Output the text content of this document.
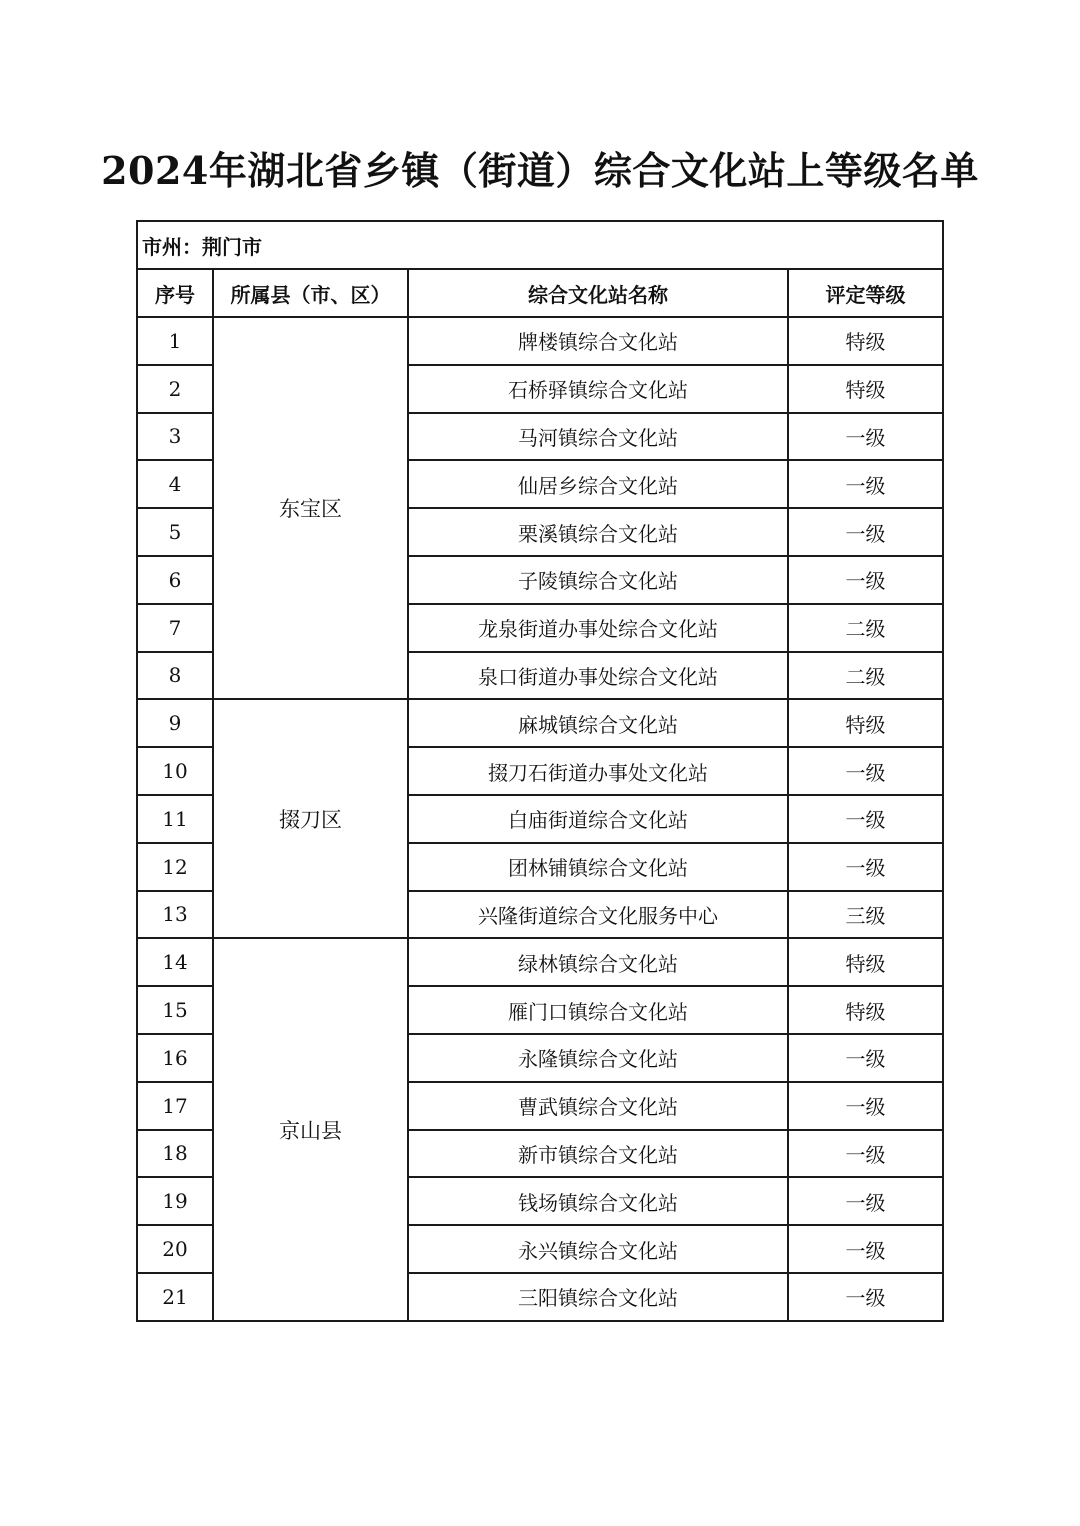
2024年湖北省乡镇（街道）综合文化站上等级名单
市州：荆门市			
序号	所属县（市、区）	综合文化站名称	评定等级
1	东宝区	牌楼镇综合文化站	特级
2		石桥驿镇综合文化站	特级
3		马河镇综合文化站	一级
4		仙居乡综合文化站	一级
5		栗溪镇综合文化站	一级
6		子陵镇综合文化站	一级
7		龙泉街道办事处综合文化站	二级
8		泉口街道办事处综合文化站	二级
9	掇刀区	麻城镇综合文化站	特级
10		掇刀石街道办事处文化站	一级
11		白庙街道综合文化站	一级
12		团林铺镇综合文化站	一级
13		兴隆街道综合文化服务中心	三级
14	京山县	绿林镇综合文化站	特级
15		雁门口镇综合文化站	特级
16		永隆镇综合文化站	一级
17		曹武镇综合文化站	一级
18		新市镇综合文化站	一级
19		钱场镇综合文化站	一级
20		永兴镇综合文化站	一级
21		三阳镇综合文化站	一级
